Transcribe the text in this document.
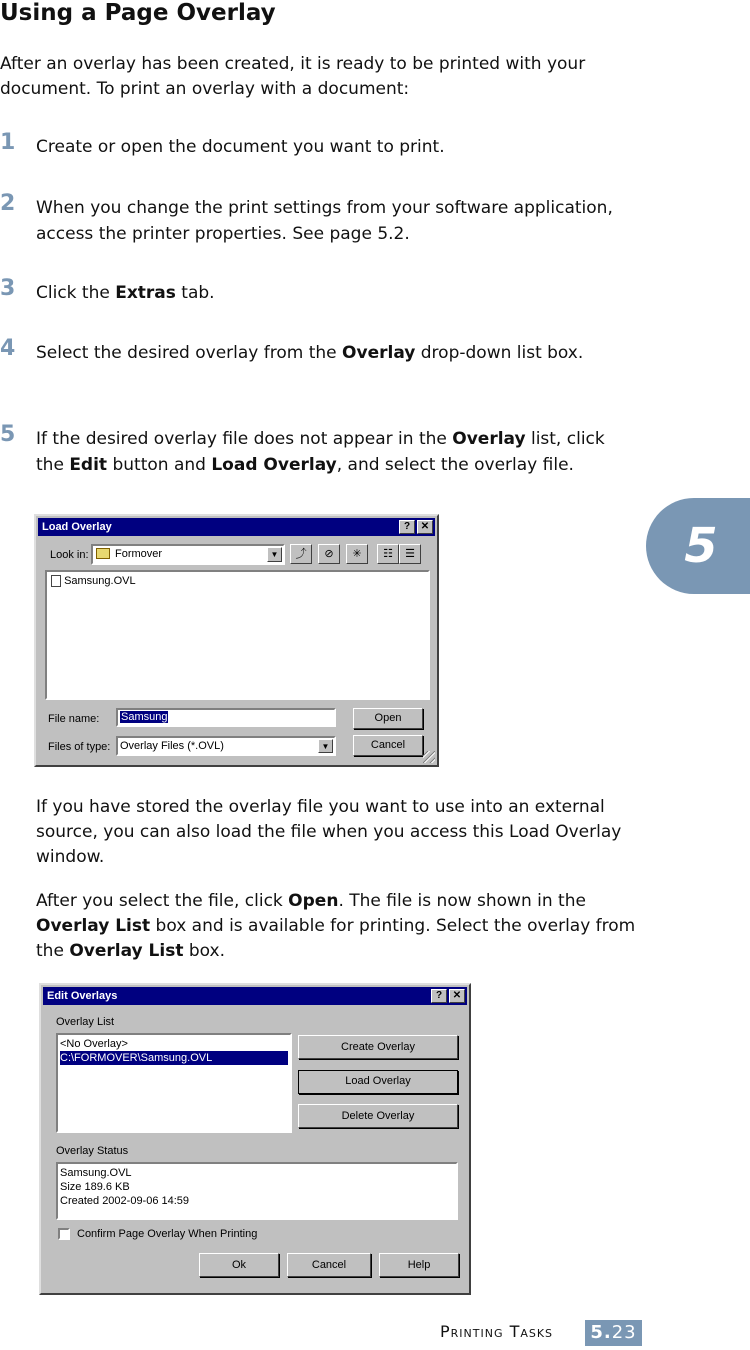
Using a Page Overlay
After an overlay has been created, it is ready to be printed with your document. To print an overlay with a document:
1 Create or open the document you want to print.
2 When you change the print settings from your software application, access the printer properties. See page 5.2.
3 Click the Extras tab.
4 Select the desired overlay from the Overlay drop-down list box.
5 If the desired overlay file does not appear in the Overlay list, click the Edit button and Load Overlay, and select the overlay file.
Load Overlay	?	✕
Look in: Formover	▼	⤴	⊘	✳	☷	☰
Samsung.OVL
File name: Samsung
Files of type: Overlay Files (*.OVL)	▼
Open
Cancel
If you have stored the overlay file you want to use into an external source, you can also load the file when you access this Load Overlay window.
After you select the file, click Open. The file is now shown in the Overlay List box and is available for printing. Select the overlay from the Overlay List box.
Edit Overlays	?	✕
Overlay List
<No Overlay>
C:\FORMOVER\Samsung.OVL
Create Overlay
Load Overlay
Delete Overlay
Overlay Status
Samsung.OVL
Size 189.6 KB
Created 2002-09-06 14:59
Confirm Page Overlay When Printing
Ok	Cancel	Help
5
Printing Tasks 5.23
